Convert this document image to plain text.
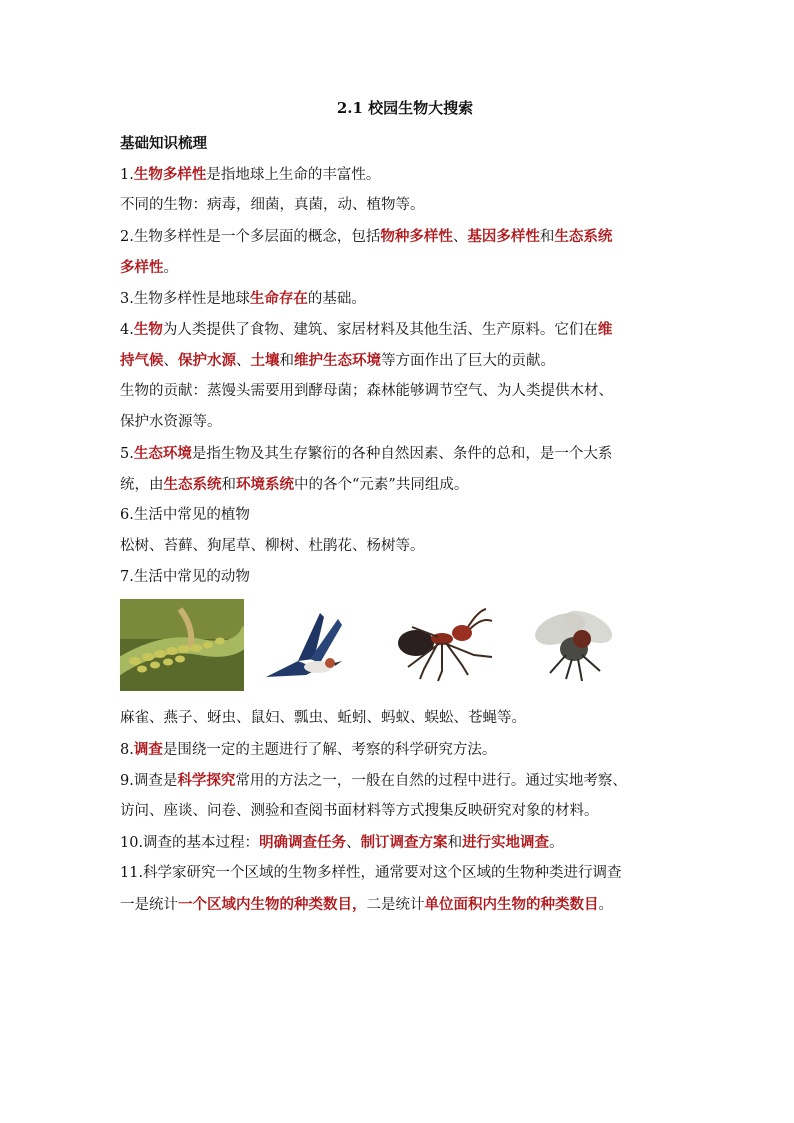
2.1 校园生物大搜索
基础知识梳理
1.生物多样性是指地球上生命的丰富性。
不同的生物：病毒，细菌，真菌，动、植物等。
2.生物多样性是一个多层面的概念，包括物种多样性、基因多样性和生态系统
多样性。
3.生物多样性是地球生命存在的基础。
4.生物为人类提供了食物、建筑、家居材料及其他生活、生产原料。它们在维
持气候、保护水源、土壤和维护生态环境等方面作出了巨大的贡献。
生物的贡献：蒸馒头需要用到酵母菌；森林能够调节空气、为人类提供木材、
保护水资源等。
5.生态环境是指生物及其生存繁衍的各种自然因素、条件的总和，是一个大系
统，由生态系统和环境系统中的各个“元素”共同组成。
6.生活中常见的植物
松树、苔藓、狗尾草、柳树、杜鹃花、杨树等。
7.生活中常见的动物
麻雀、燕子、蚜虫、鼠妇、瓢虫、蚯蚓、蚂蚁、蜈蚣、苍蝇等。
8.调查是围绕一定的主题进行了解、考察的科学研究方法。
9.调查是科学探究常用的方法之一，一般在自然的过程中进行。通过实地考察、
访问、座谈、问卷、测验和查阅书面材料等方式搜集反映研究对象的材料。
10.调查的基本过程：明确调查任务、制订调查方案和进行实地调查。
11.科学家研究一个区域的生物多样性，通常要对这个区域的生物种类进行调查
一是统计一个区域内生物的种类数目，二是统计单位面积内生物的种类数目。
